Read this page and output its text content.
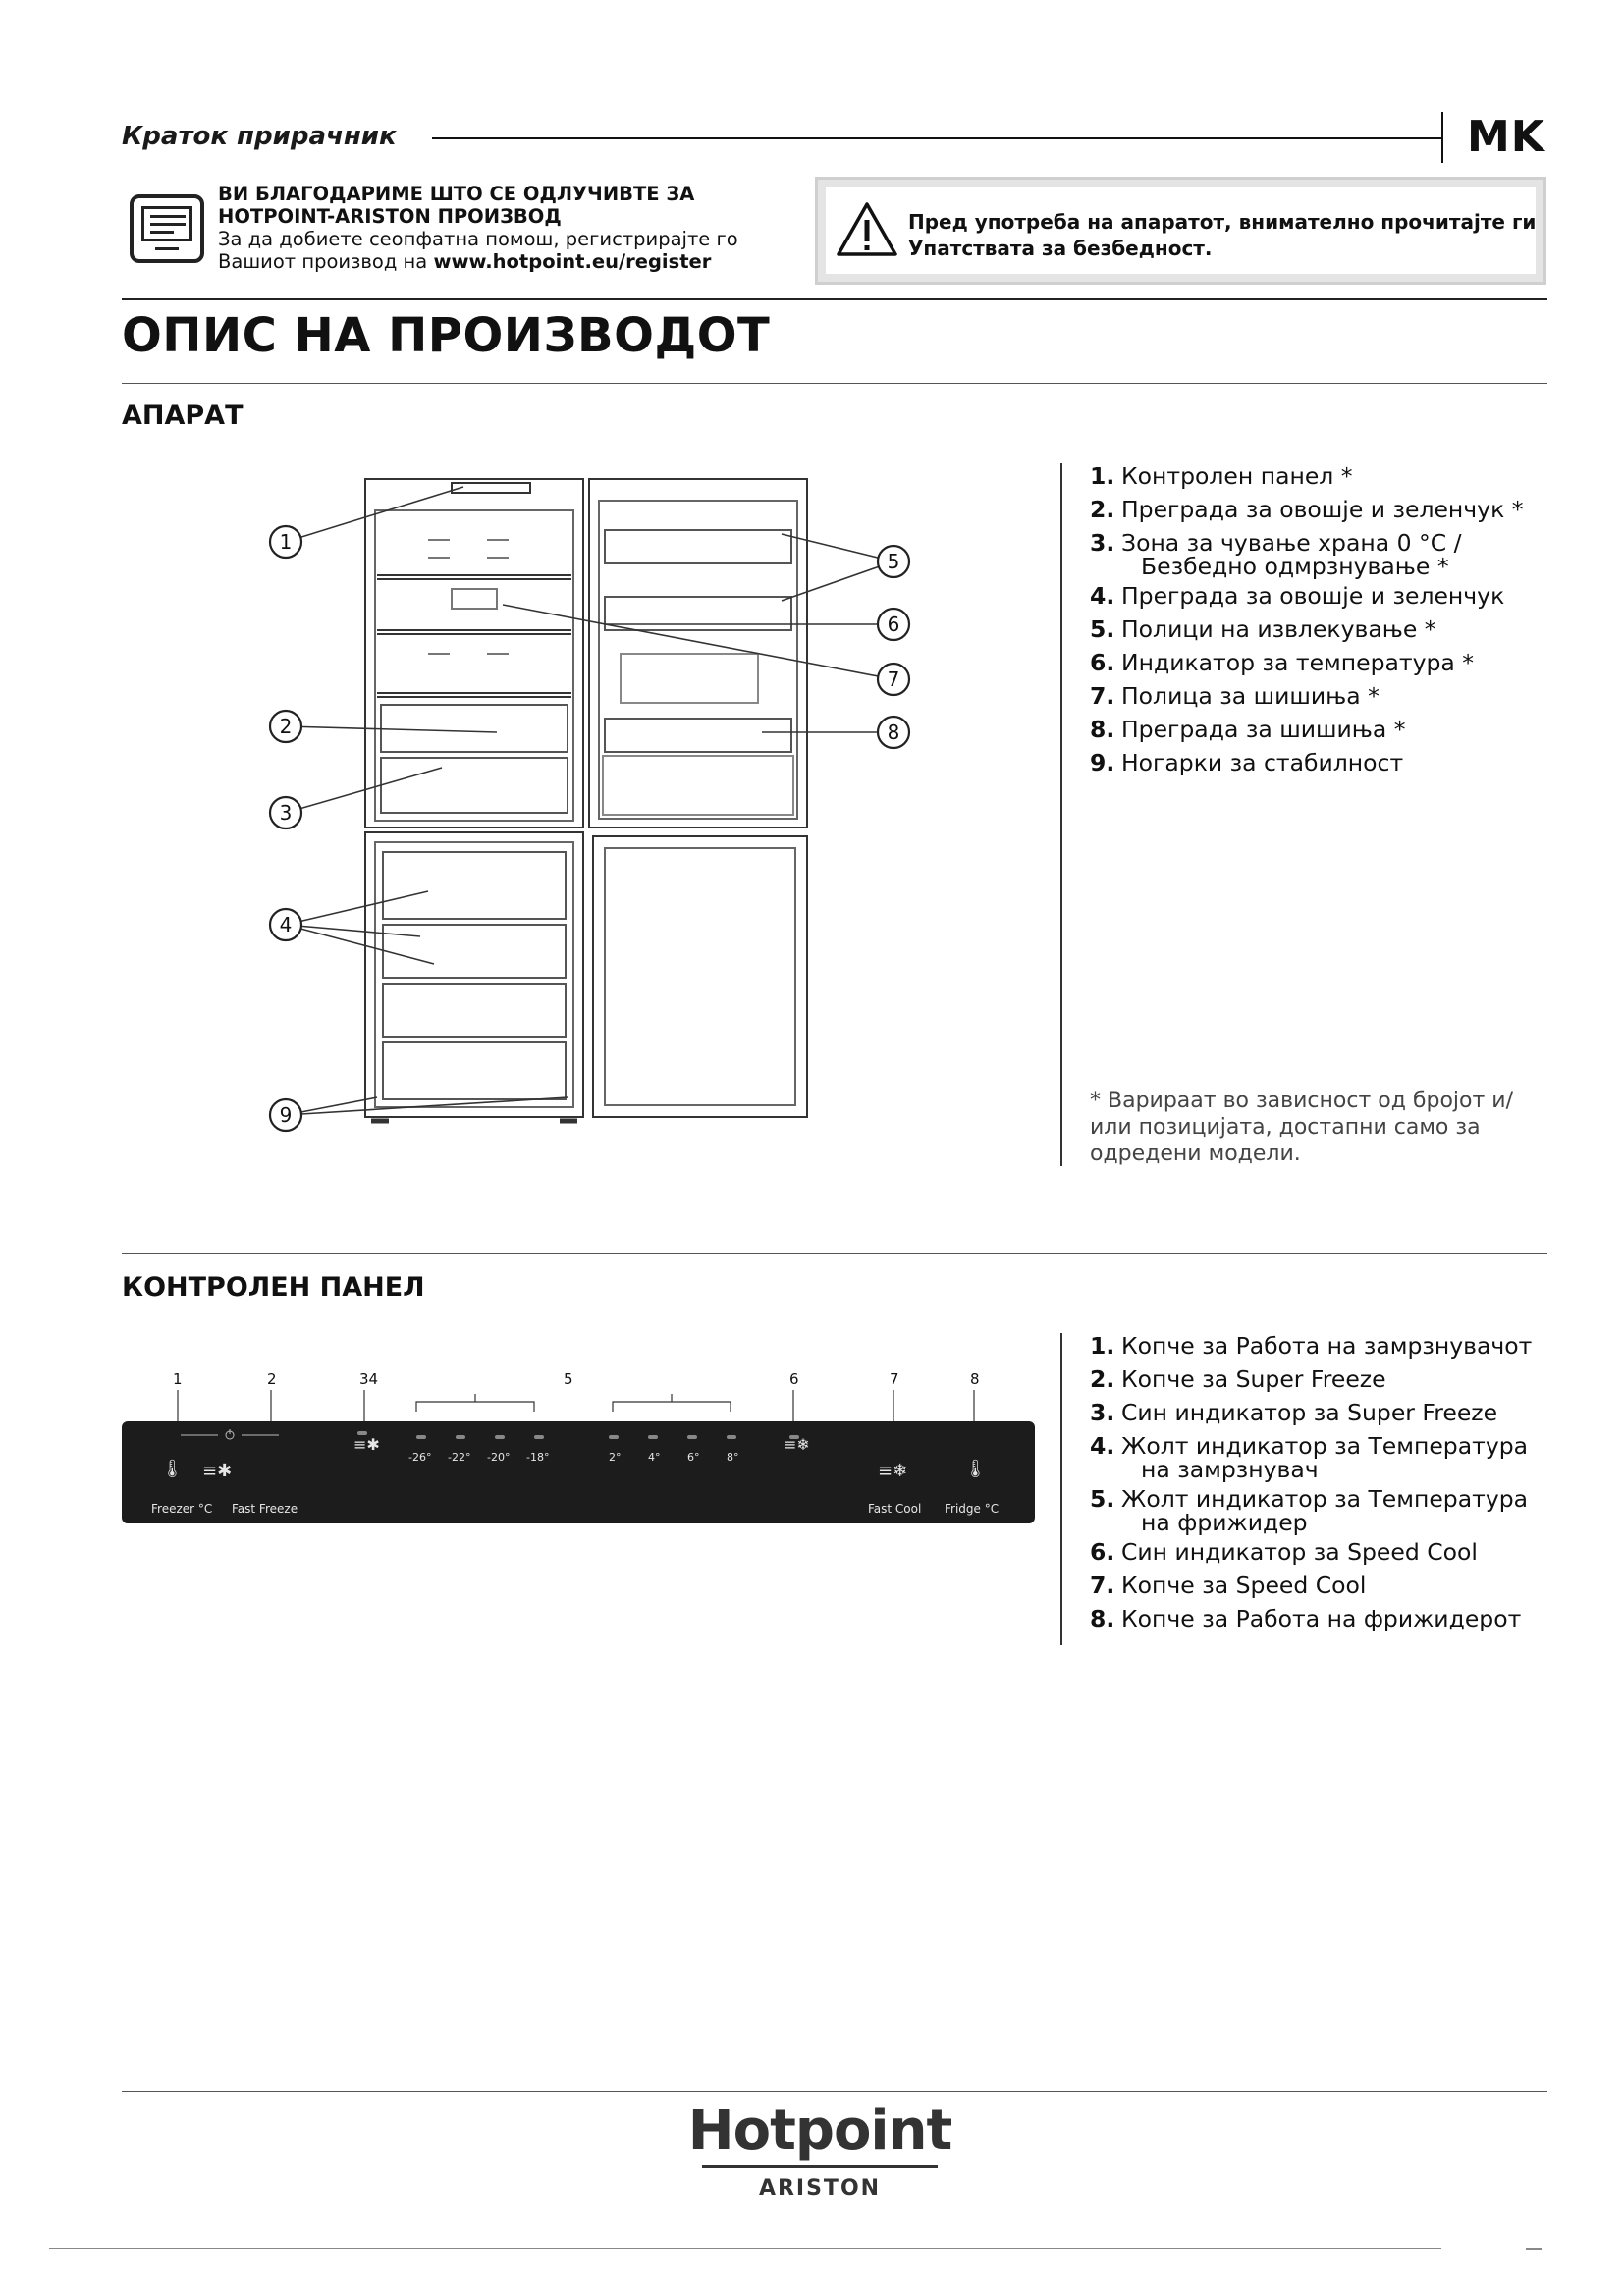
Краток прирачник	MK
ВИ БЛАГОДАРИМЕ ШТО СЕ ОДЛУЧИВТЕ ЗА
HOTPOINT-ARISTON ПРОИЗВОД
За да добиете сеопфатна помош, регистрирајте го
Вашиот производ на www.hotpoint.eu/register
Пред употреба на апаратот, внимателно прочитајте ги Упатствата за безбедност.
ОПИС НА ПРОИЗВОДОТ
АПАРАТ
1
2
3
4
9
5
6
7
8
1. Контролен панел *
2. Преграда за овошје и зеленчук *
3. Зона за чување храна 0 °C /
Безбедно одмрзнување *
4. Преграда за овошје и зеленчук
5. Полици на извлекување *
6. Индикатор за температура *
7. Полица за шишиња *
8. Преграда за шишиња *
9. Ногарки за стабилност
* Варираат во зависност од бројот и/или позицијата, достапни само за одредени модели.
КОНТРОЛЕН ПАНЕЛ
1	2	34	5	6	7	8
🌡 ≡✱
≡✱
-26° -22° -20° -18°	2°	4°	6°	8°
≡❄
≡❄	🌡
Freezer °C Fast Freeze	Fast Cool Fridge °C
1. Копче за Работа на замрзнувачот
2. Копче за Super Freeze
3. Син индикатор за Super Freeze
4. Жолт индикатор за Температура
на замрзнувач
5. Жолт индикатор за Температура
на фрижидер
6. Син индикатор за Speed Cool
7. Копче за Speed Cool
8. Копче за Работа на фрижидерот
Hotpoint
ARISTON
